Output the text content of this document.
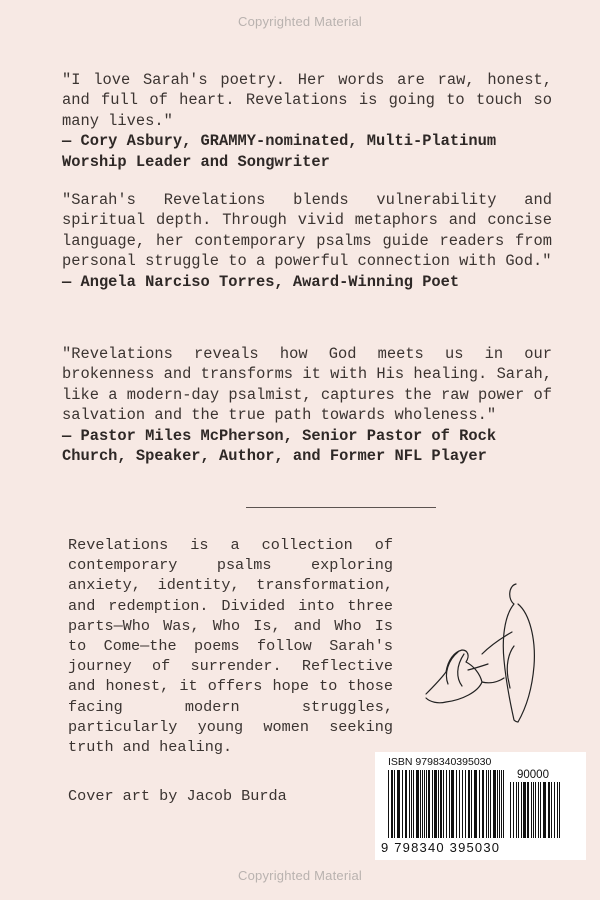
Copyrighted Material

"I love Sarah's poetry. Her words are raw, honest, and full of heart. Revelations is going to touch so many lives."

— Cory Asbury, GRAMMY-nominated, Multi-Platinum Worship Leader and Songwriter

"Sarah's Revelations blends vulnerability and spiritual depth. Through vivid metaphors and concise language, her contemporary psalms guide readers from personal struggle to a powerful connection with God."

— Angela Narciso Torres, Award-Winning Poet

"Revelations reveals how God meets us in our brokenness and transforms it with His healing. Sarah, like a modern-day psalmist, captures the raw power of salvation and the true path towards wholeness."

— Pastor Miles McPherson, Senior Pastor of Rock Church, Speaker, Author, and Former NFL Player

Revelations is a collection of contemporary psalms exploring anxiety, identity, transformation, and redemption. Divided into three parts—Who Was, Who Is, and Who Is to Come—the poems follow Sarah's journey of surrender. Reflective and honest, it offers hope to those facing modern struggles, particularly young women seeking truth and healing.

Cover art by Jacob Burda
ISBN 9798340395030
90000
9 798340 395030
Copyrighted Material
